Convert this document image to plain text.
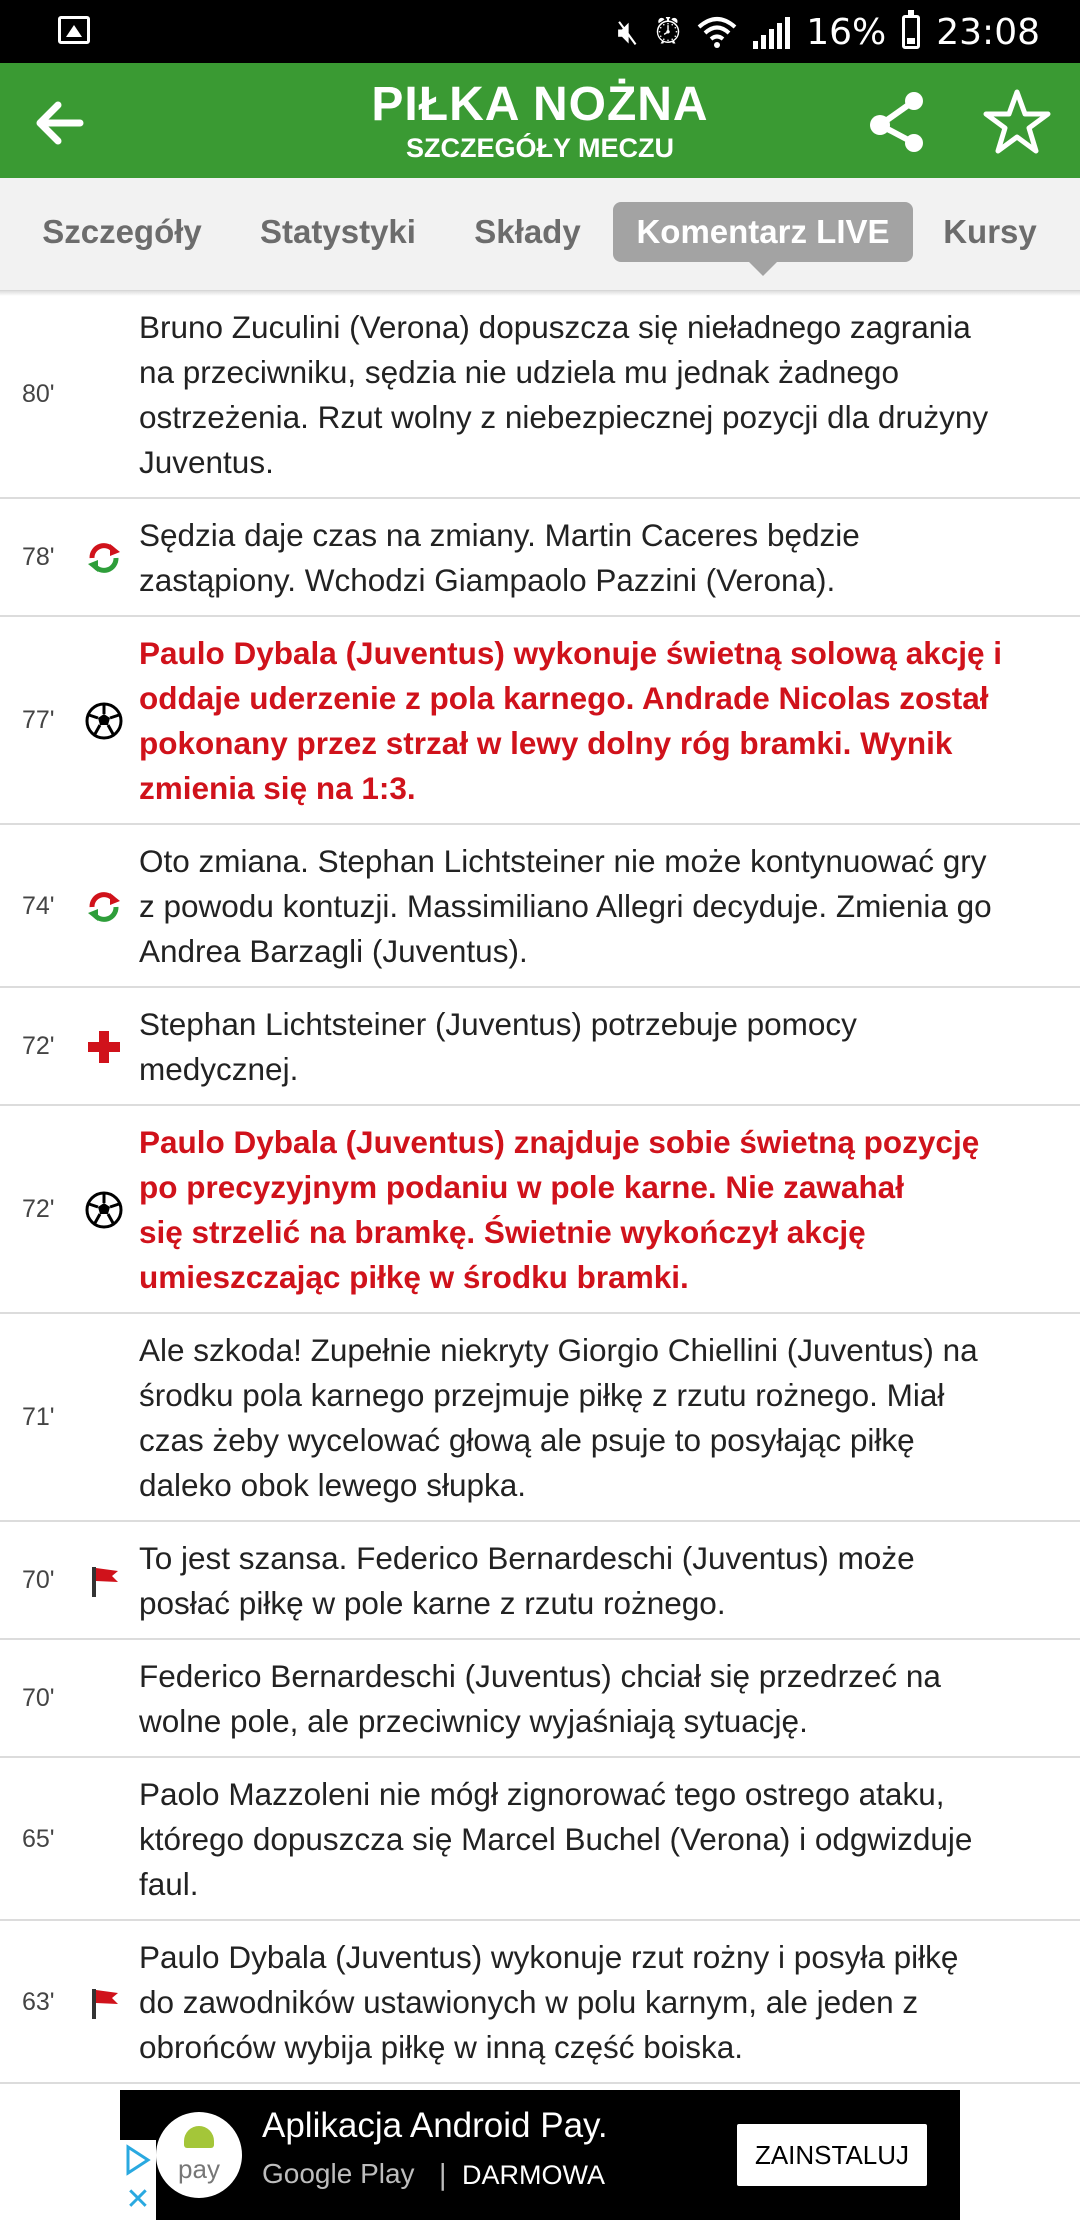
🔇︎ ⏰︎	16% 23:08
PIŁKA NOŻNA
SZCZEGÓŁY MECZU
Szczegóły	Statystyki	Składy	Komentarz LIVE	Kursy
80'
Bruno Zuculini (Verona) dopuszcza się nieładnego zagrania
na przeciwniku, sędzia nie udziela mu jednak żadnego
ostrzeżenia. Rzut wolny z niebezpiecznej pozycji dla drużyny
Juventus.
78'
Sędzia daje czas na zmiany. Martin Caceres będzie
zastąpiony. Wchodzi Giampaolo Pazzini (Verona).
77'
Paulo Dybala (Juventus) wykonuje świetną solową akcję i
oddaje uderzenie z pola karnego. Andrade Nicolas został
pokonany przez strzał w lewy dolny róg bramki. Wynik
zmienia się na 1:3.
74'
Oto zmiana. Stephan Lichtsteiner nie może kontynuować gry
z powodu kontuzji. Massimiliano Allegri decyduje. Zmienia go
Andrea Barzagli (Juventus).
72'
Stephan Lichtsteiner (Juventus) potrzebuje pomocy
medycznej.
72'
Paulo Dybala (Juventus) znajduje sobie świetną pozycję
po precyzyjnym podaniu w pole karne. Nie zawahał
się strzelić na bramkę. Świetnie wykończył akcję
umieszczając piłkę w środku bramki.
71'
Ale szkoda! Zupełnie niekryty Giorgio Chiellini (Juventus) na
środku pola karnego przejmuje piłkę z rzutu rożnego. Miał
czas żeby wycelować głową ale psuje to posyłając piłkę
daleko obok lewego słupka.
70'
To jest szansa. Federico Bernardeschi (Juventus) może
posłać piłkę w pole karne z rzutu rożnego.
70'
Federico Bernardeschi (Juventus) chciał się przedrzeć na
wolne pole, ale przeciwnicy wyjaśniają sytuację.
65'
Paolo Mazzoleni nie mógł zignorować tego ostrego ataku,
którego dopuszcza się Marcel Buchel (Verona) i odgwizduje
faul.
63'
Paulo Dybala (Juventus) wykonuje rzut rożny i posyła piłkę
do zawodników ustawionych w polu karnym, ale jeden z
obrońców wybija piłkę w inną część boiska.
pay
Aplikacja Android Pay.
Google Play | DARMOWA
ZAINSTALUJ
✕
